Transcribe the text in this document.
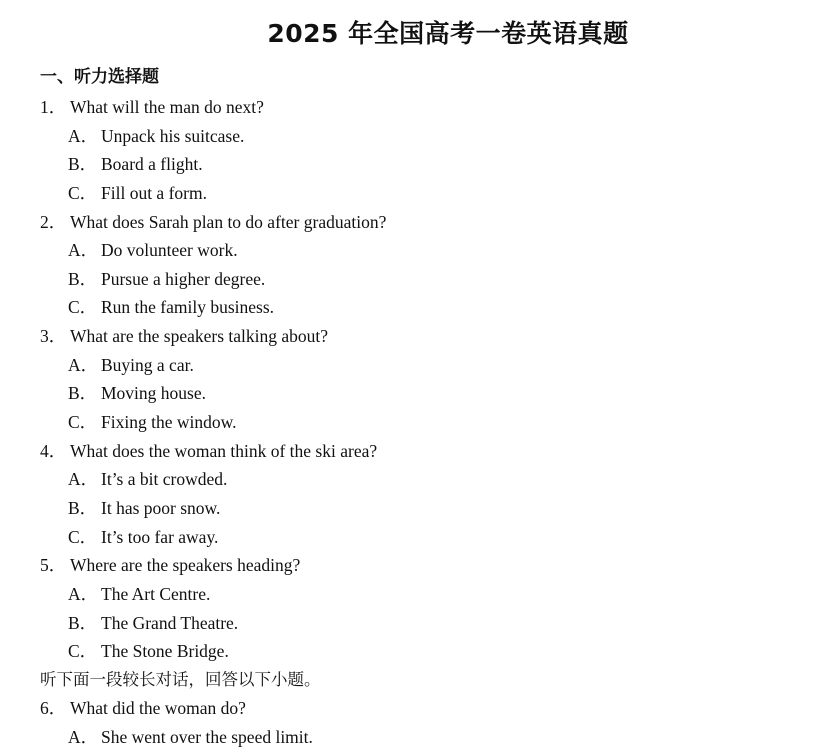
2025 年全国高考一卷英语真题
一、听力选择题
1． What will the man do next?
A． Unpack his suitcase.
B． Board a flight.
C． Fill out a form.
2． What does Sarah plan to do after graduation?
A． Do volunteer work.
B． Pursue a higher degree.
C． Run the family business.
3． What are the speakers talking about?
A． Buying a car.
B． Moving house.
C． Fixing the window.
4． What does the woman think of the ski area?
A． It’s a bit crowded.
B． It has poor snow.
C． It’s too far away.
5． Where are the speakers heading?
A． The Art Centre.
B． The Grand Theatre.
C． The Stone Bridge.
听下面一段较长对话，回答以下小题。
6． What did the woman do?
A． She went over the speed limit.
